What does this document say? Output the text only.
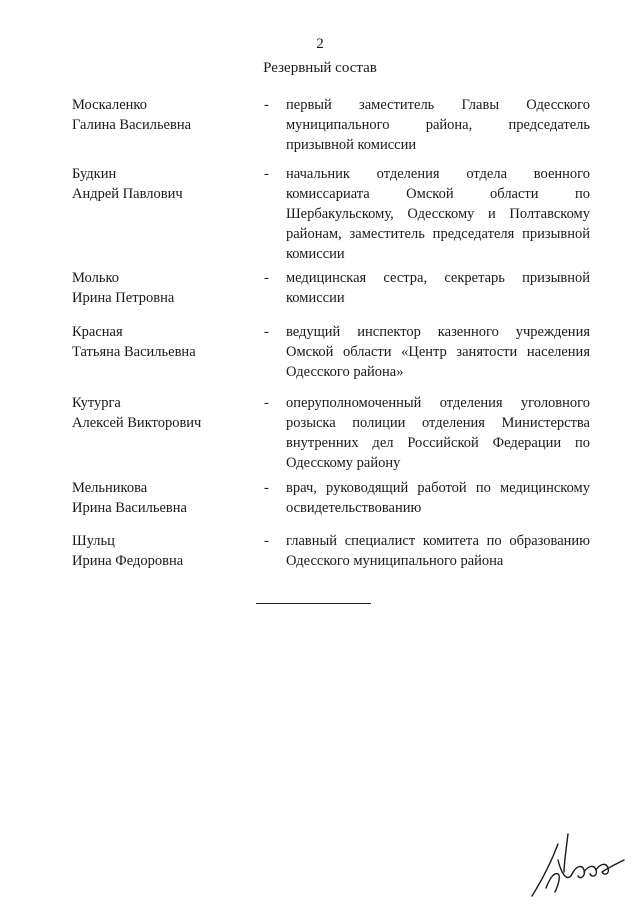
2
Резервный состав
Москаленко
Галина Васильевна
- первый заместитель Главы Одесского муниципального района, председатель призывной комиссии
Будкин
Андрей Павлович
- начальник отделения отдела военного комиссариата Омской области по Шербакульскому, Одесскому и Полтавскому районам, заместитель председателя призывной комиссии
Молько
Ирина Петровна
- медицинская сестра, секретарь призывной комиссии
Красная
Татьяна Васильевна
- ведущий инспектор казенного учреждения Омской области «Центр занятости населения Одесского района»
Кутурга
Алексей Викторович
- оперуполномоченный отделения уголовного розыска полиции отделения Министерства внутренних дел Российской Федерации по Одесскому району
Мельникова
Ирина Васильевна
- врач, руководящий работой по медицинскому освидетельствованию
Шульц
Ирина Федоровна
- главный специалист комитета по образованию Одесского муниципального района
